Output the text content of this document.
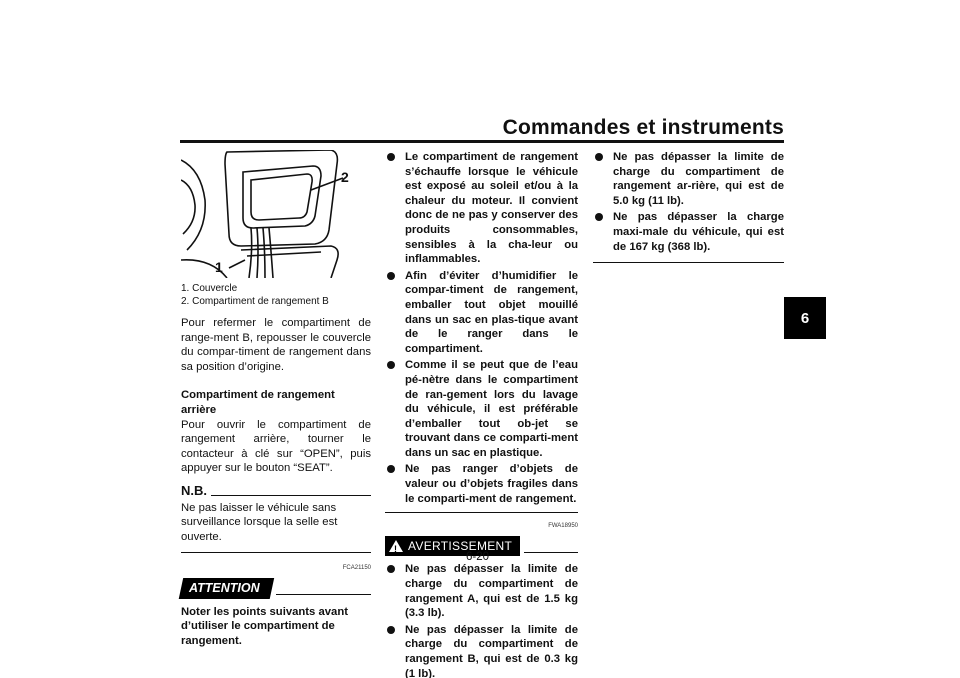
Commandes et instruments
6
2
1
1. Couvercle
2. Compartiment de rangement B
Pour refermer le compartiment de range-ment B, repousser le couvercle du compar-timent de rangement dans sa position d’origine.
Compartiment de rangement arrière
Pour ouvrir le compartiment de rangement arrière, tourner le contacteur à clé sur “OPEN”, puis appuyer sur le bouton “SEAT”.
N.B.
Ne pas laisser le véhicule sans surveillance lorsque la selle est ouverte.
FCA21150
ATTENTION
Noter les points suivants avant d’utiliser le compartiment de rangement.
Le compartiment de rangement s’échauffe lorsque le véhicule est exposé au soleil et/ou à la chaleur du moteur. Il convient donc de ne pas y conserver des produits consommables, sensibles à la cha-leur ou inflammables.
Afin d’éviter d’humidifier le compar-timent de rangement, emballer tout objet mouillé dans un sac en plas-tique avant de le ranger dans le compartiment.
Comme il se peut que de l’eau pé-nètre dans le compartiment de ran-gement lors du lavage du véhicule, il est préférable d’emballer tout ob-jet se trouvant dans ce comparti-ment dans un sac en plastique.
Ne pas ranger d’objets de valeur ou d’objets fragiles dans le comparti-ment de rangement.
FWA18950
! AVERTISSEMENT
Ne pas dépasser la limite de charge du compartiment de rangement A, qui est de 1.5 kg (3.3 lb).
Ne pas dépasser la limite de charge du compartiment de rangement B, qui est de 0.3 kg (1 lb).
Ne pas dépasser la limite de charge du compartiment de rangement ar-rière, qui est de 5.0 kg (11 lb).
Ne pas dépasser la charge maxi-male du véhicule, qui est de 167 kg (368 lb).
6-20
